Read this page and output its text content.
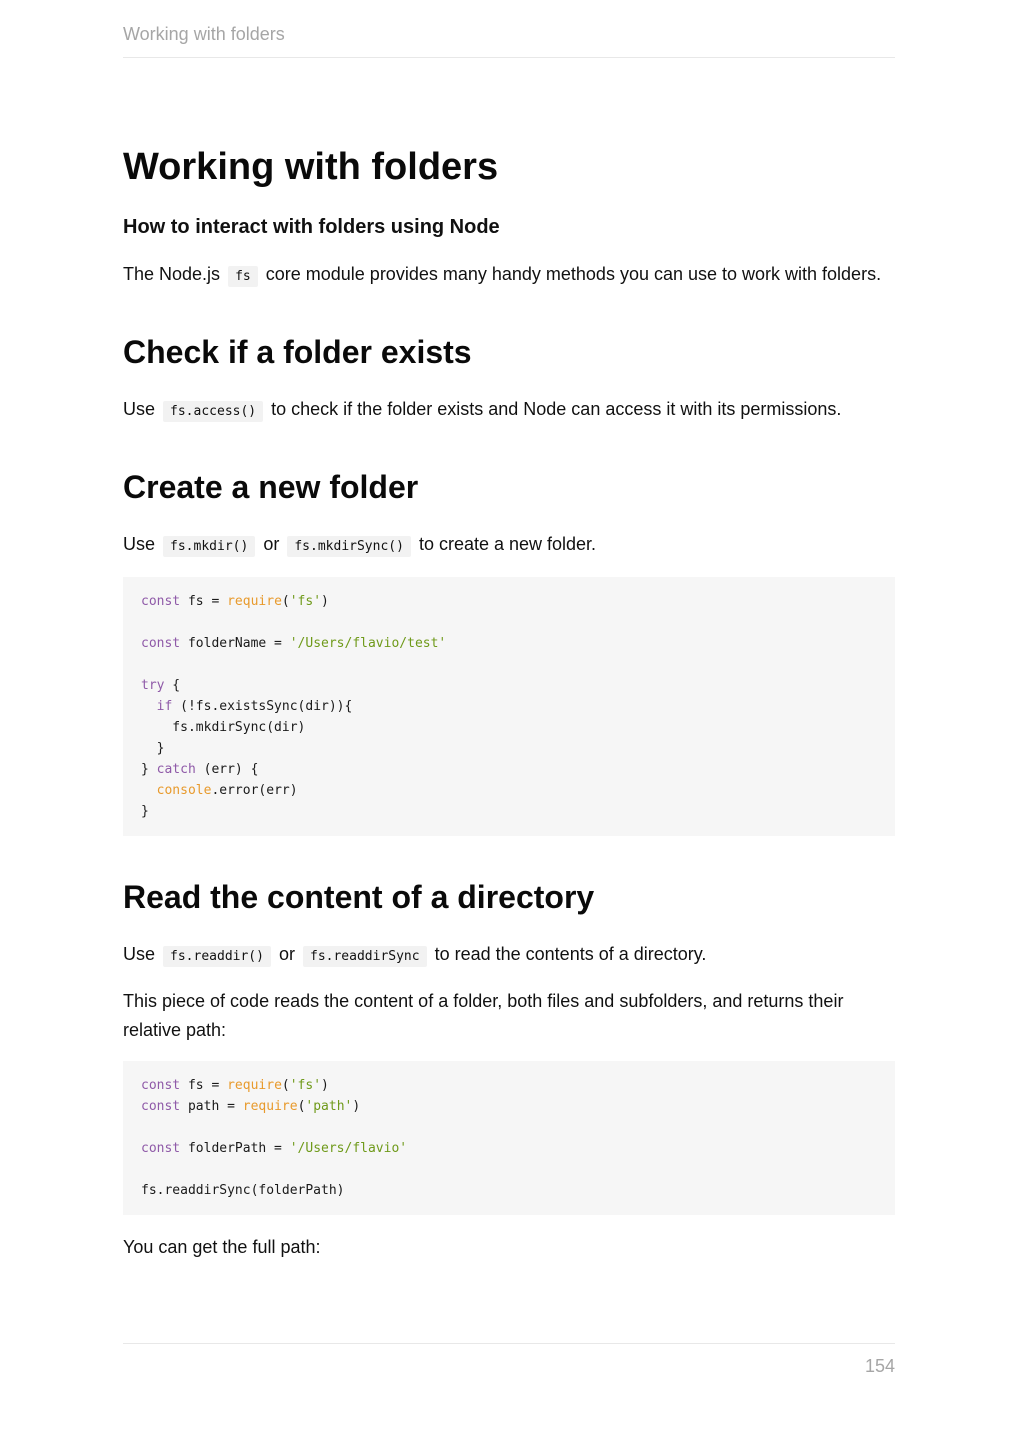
Working with folders
Working with folders
How to interact with folders using Node

The Node.js fs core module provides many handy methods you can use to work with folders.

Check if a folder exists

Use fs.access() to check if the folder exists and Node can access it with its permissions.

Create a new folder

Use fs.mkdir() or fs.mkdirSync() to create a new folder.

const fs = require('fs')

const folderName = '/Users/flavio/test'

try {
if (!fs.existsSync(dir)){
fs.mkdirSync(dir)
}
} catch (err) {
console.error(err)
}
Read the content of a directory

Use fs.readdir() or fs.readdirSync to read the contents of a directory.

This piece of code reads the content of a folder, both files and subfolders, and returns their relative path:

const fs = require('fs')
const path = require('path')

const folderPath = '/Users/flavio'

fs.readdirSync(folderPath)

You can get the full path:

154
